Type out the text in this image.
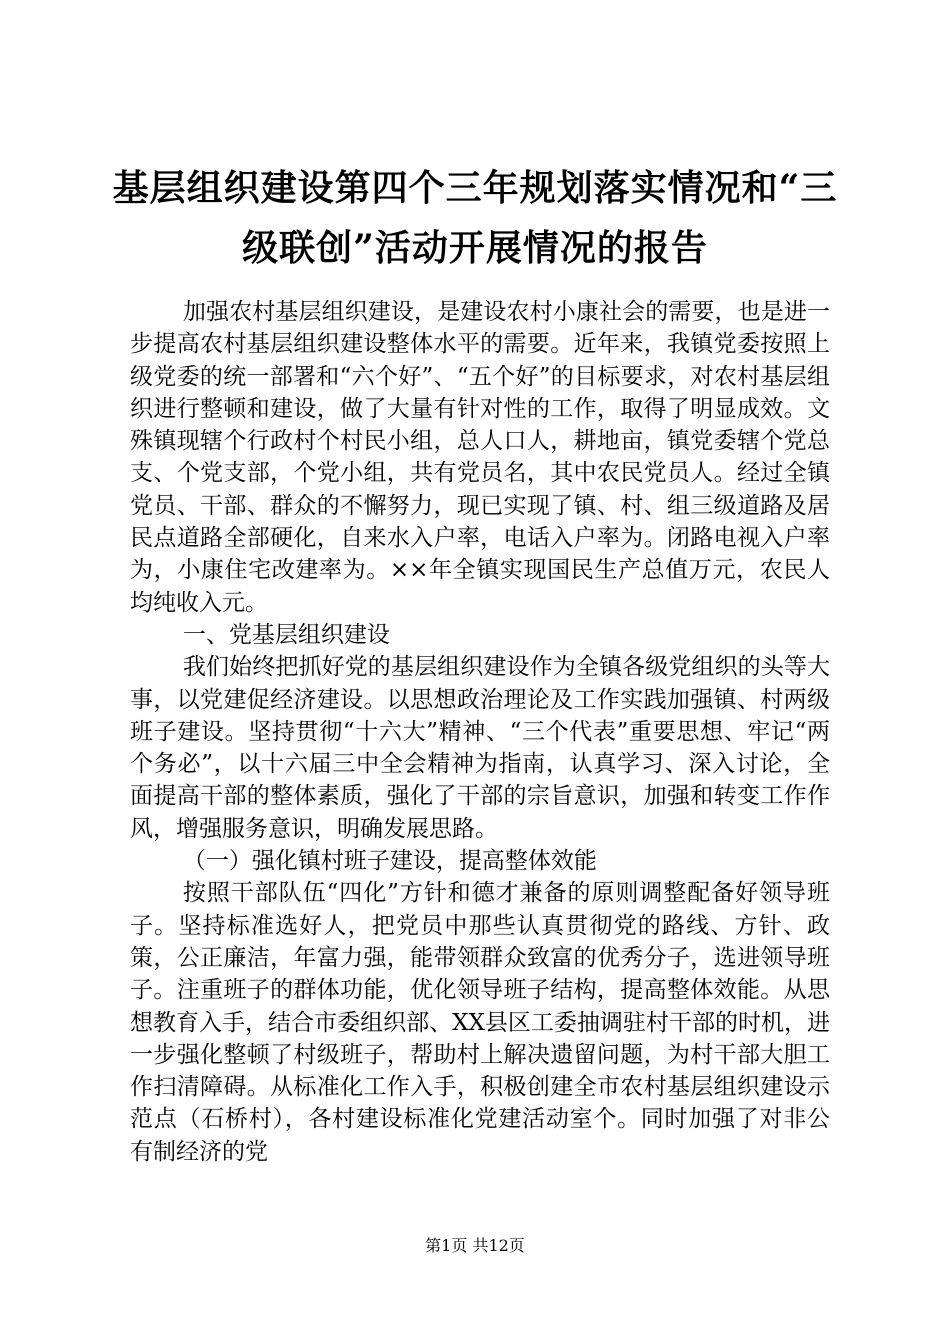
基层组织建设第四个三年规划落实情况和“三级联创”活动开展情况的报告

加强农村基层组织建设，是建设农村小康社会的需要，也是进一步提高农村基层组织建设整体水平的需要。近年来，我镇党委按照上级党委的统一部署和“六个好”、“五个好”的目标要求，对农村基层组织进行整顿和建设，做了大量有针对性的工作，取得了明显成效。文殊镇现辖个行政村个村民小组，总人口人，耕地亩，镇党委辖个党总支、个党支部，个党小组，共有党员名，其中农民党员人。经过全镇党员、干部、群众的不懈努力，现已实现了镇、村、组三级道路及居民点道路全部硬化，自来水入户率，电话入户率为。闭路电视入户率为，小康住宅改建率为。××年全镇实现国民生产总值万元，农民人均纯收入元。

一、党基层组织建设

我们始终把抓好党的基层组织建设作为全镇各级党组织的头等大事，以党建促经济建设。以思想政治理论及工作实践加强镇、村两级班子建设。坚持贯彻“十六大”精神、“三个代表”重要思想、牢记“两个务必”，以十六届三中全会精神为指南，认真学习、深入讨论，全面提高干部的整体素质，强化了干部的宗旨意识，加强和转变工作作风，增强服务意识，明确发展思路。

（一）强化镇村班子建设，提高整体效能

按照干部队伍“四化”方针和德才兼备的原则调整配备好领导班子。坚持标准选好人，把党员中那些认真贯彻党的路线、方针、政策，公正廉洁，年富力强，能带领群众致富的优秀分子，选进领导班子。注重班子的群体功能，优化领导班子结构，提高整体效能。从思想教育入手，结合市委组织部、XX县区工委抽调驻村干部的时机，进一步强化整顿了村级班子，帮助村上解决遗留问题，为村干部大胆工作扫清障碍。从标准化工作入手，积极创建全市农村基层组织建设示范点（石桥村），各村建设标准化党建活动室个。同时加强了对非公有制经济的党

第1页 共12页
